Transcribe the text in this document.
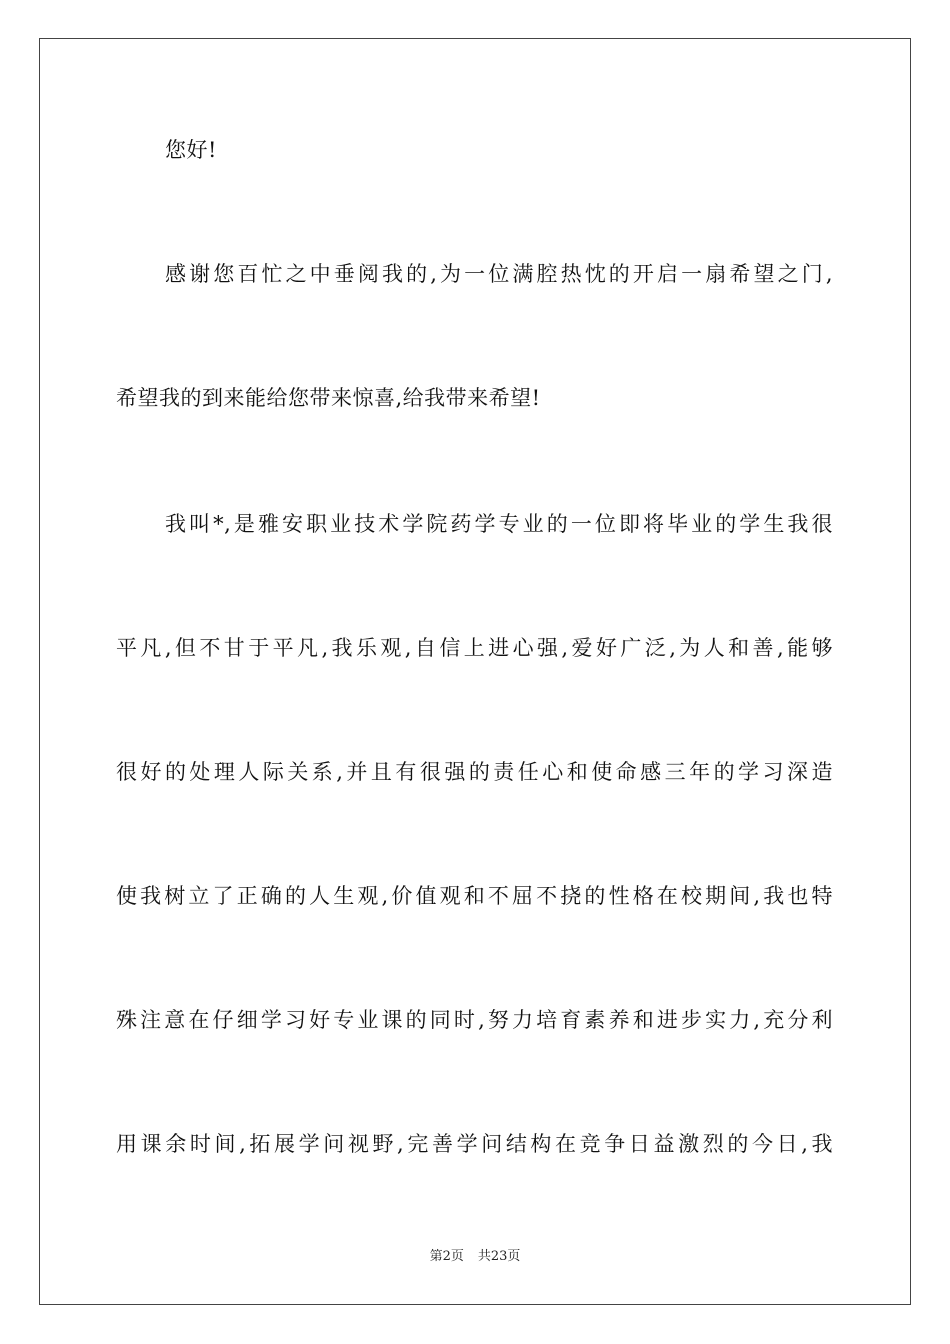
您好!
感谢您百忙之中垂阅我的,为一位满腔热忱的开启一扇希望之门,
希望我的到来能给您带来惊喜,给我带来希望!
我叫*,是雅安职业技术学院药学专业的一位即将毕业的学生我很
平凡,但不甘于平凡,我乐观,自信上进心强,爱好广泛,为人和善,能够
很好的处理人际关系,并且有很强的责任心和使命感三年的学习深造
使我树立了正确的人生观,价值观和不屈不挠的性格在校期间,我也特
殊注意在仔细学习好专业课的同时,努力培育素养和进步实力,充分利
用课余时间,拓展学问视野,完善学问结构在竞争日益激烈的今日,我
第2页 共23页
